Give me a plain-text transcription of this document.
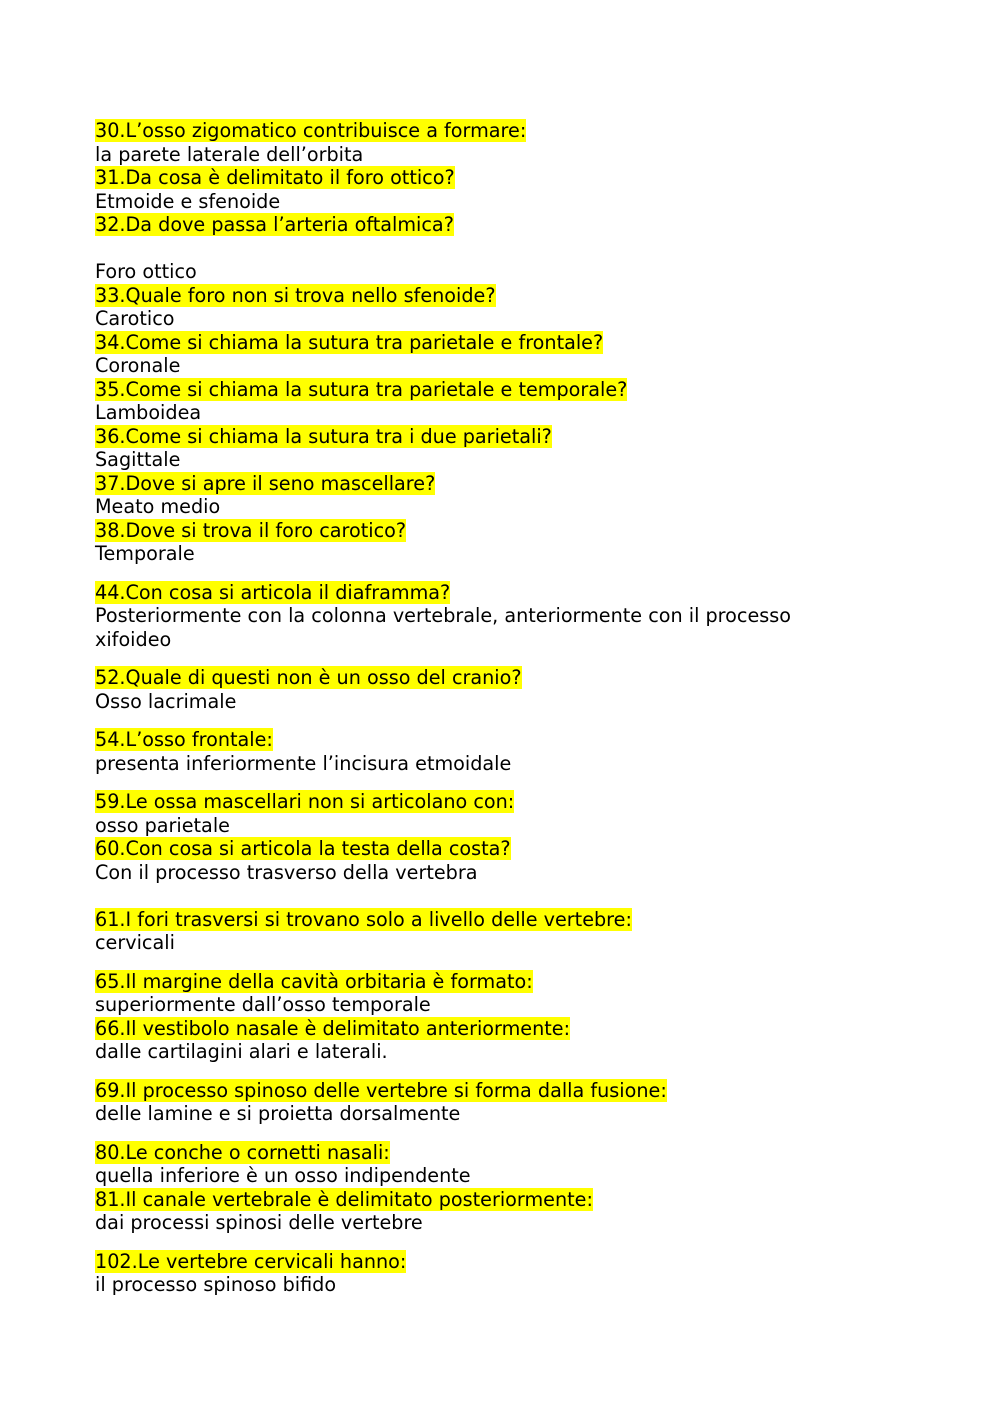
30.L’osso zigomatico contribuisce a formare:
la parete laterale dell’orbita
31.Da cosa è delimitato il foro ottico?
Etmoide e sfenoide
32.Da dove passa l’arteria oftalmica?
Foro ottico
33.Quale foro non si trova nello sfenoide?
Carotico
34.Come si chiama la sutura tra parietale e frontale?
Coronale
35.Come si chiama la sutura tra parietale e temporale?
Lamboidea
36.Come si chiama la sutura tra i due parietali?
Sagittale
37.Dove si apre il seno mascellare?
Meato medio
38.Dove si trova il foro carotico?
Temporale
44.Con cosa si articola il diaframma?
Posteriormente con la colonna vertebrale, anteriormente con il processo xifoideo
52.Quale di questi non è un osso del cranio?
Osso lacrimale
54.L’osso frontale:
presenta inferiormente l’incisura etmoidale
59.Le ossa mascellari non si articolano con:
osso parietale
60.Con cosa si articola la testa della costa?
Con il processo trasverso della vertebra
61.I fori trasversi si trovano solo a livello delle vertebre:
cervicali
65.Il margine della cavità orbitaria è formato:
superiormente dall’osso temporale
66.Il vestibolo nasale è delimitato anteriormente:
dalle cartilagini alari e laterali.
69.Il processo spinoso delle vertebre si forma dalla fusione:
delle lamine e si proietta dorsalmente
80.Le conche o cornetti nasali:
quella inferiore è un osso indipendente
81.Il canale vertebrale è delimitato posteriormente:
dai processi spinosi delle vertebre
102.Le vertebre cervicali hanno:
il processo spinoso bifido
